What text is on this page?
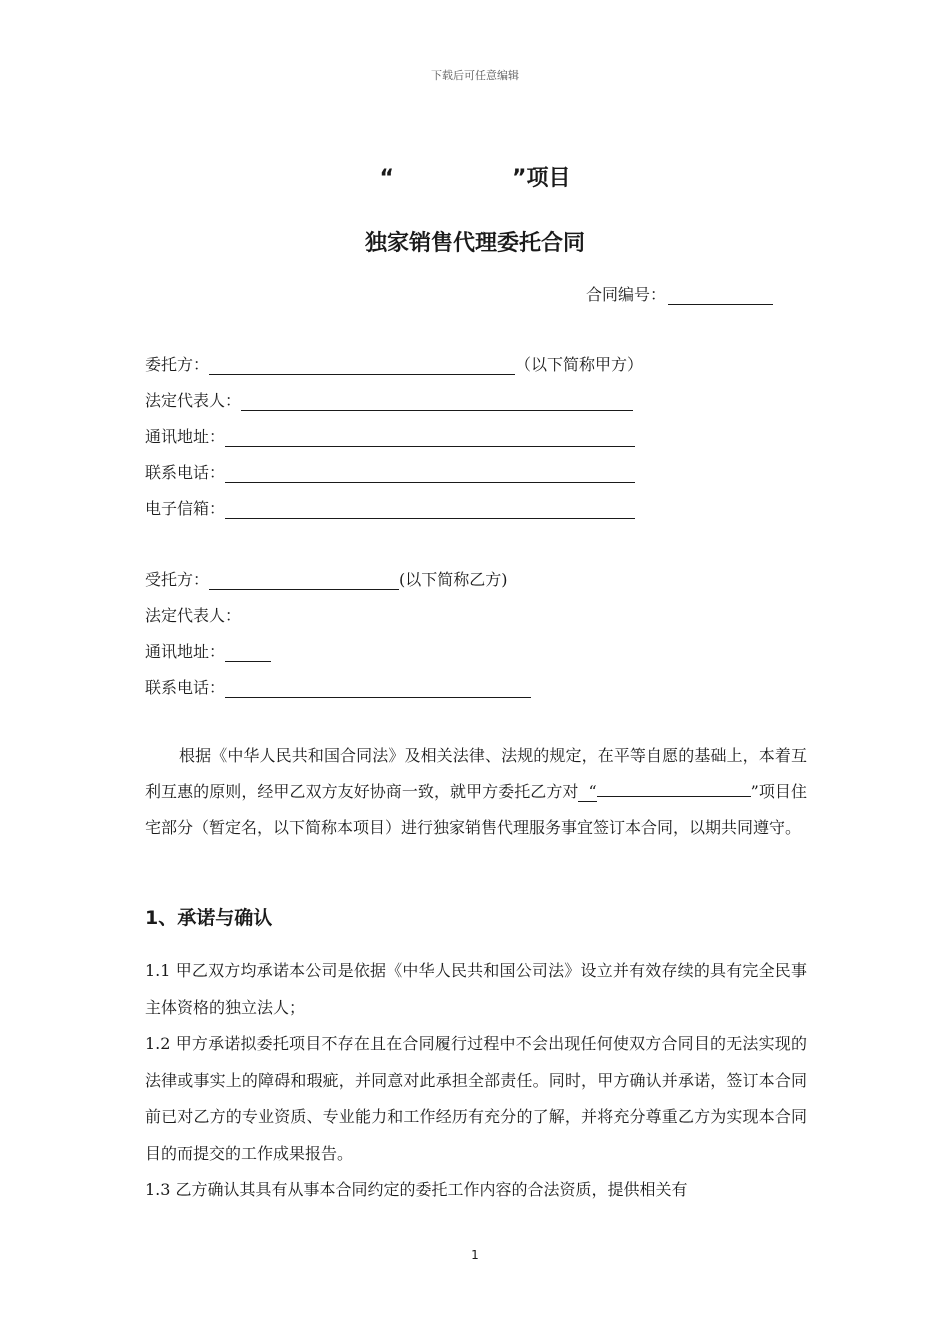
下载后可任意编辑
“	”项目
独家销售代理委托合同
合同编号：
委托方：	（以下简称甲方）
法定代表人：
通讯地址：
联系电话：
电子信箱：
受托方：	(以下简称乙方)
法定代表人：
通讯地址：
联系电话：

根据《中华人民共和国合同法》及相关法律、法规的规定，在平等自愿的基础上，本着互利互惠的原则，经甲乙双方友好协商一致，就甲方委托乙方对 “	”项目住宅部分（暂定名，以下简称本项目）进行独家销售代理服务事宜签订本合同，以期共同遵守。

1、承诺与确认

1.1 甲乙双方均承诺本公司是依据《中华人民共和国公司法》设立并有效存续的具有完全民事主体资格的独立法人；

1.2 甲方承诺拟委托项目不存在且在合同履行过程中不会出现任何使双方合同目的无法实现的法律或事实上的障碍和瑕疵，并同意对此承担全部责任。同时，甲方确认并承诺，签订本合同前已对乙方的专业资质、专业能力和工作经历有充分的了解，并将充分尊重乙方为实现本合同目的而提交的工作成果报告。

1.3 乙方确认其具有从事本合同约定的委托工作内容的合法资质，提供相关有

1
